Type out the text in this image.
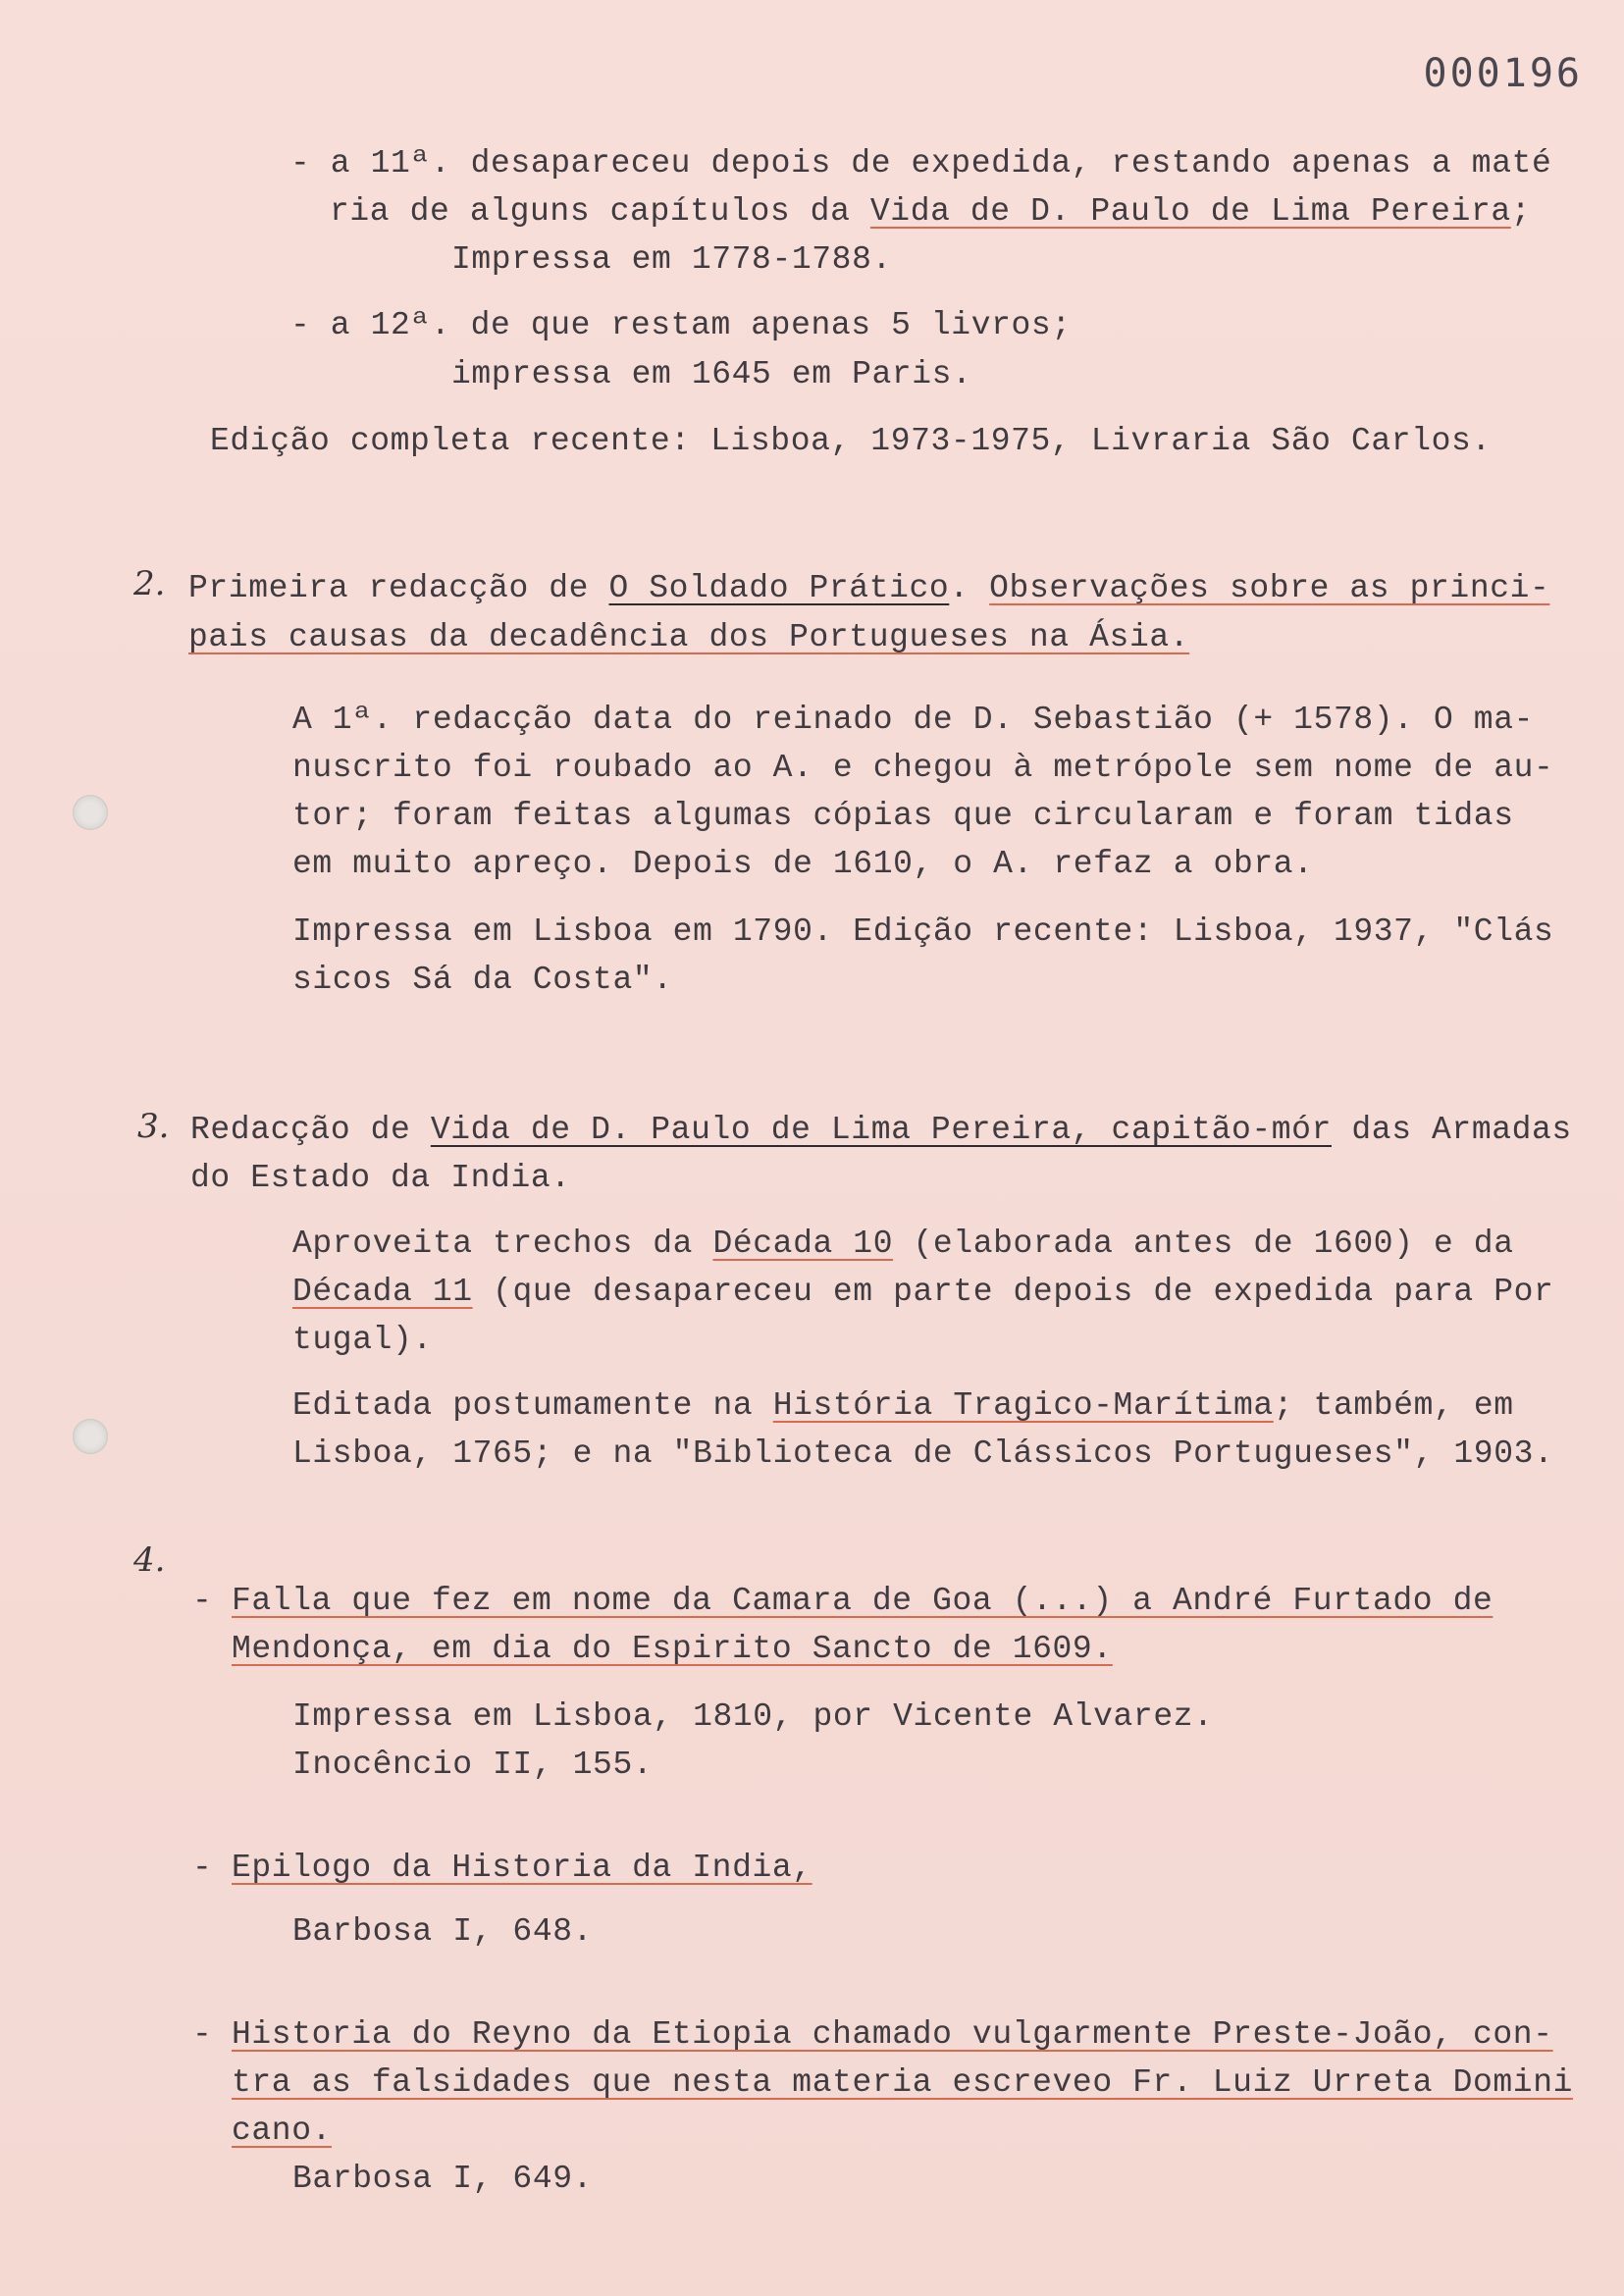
000196
- a 11ª. desapareceu depois de expedida, restando apenas a maté
ria de alguns capítulos da Vida de D. Paulo de Lima Pereira;
Impressa em 1778-1788.
- a 12ª. de que restam apenas 5 livros;
impressa em 1645 em Paris.
Edição completa recente: Lisboa, 1973-1975, Livraria São Carlos.
2. Primeira redacção de O Soldado Prático. Observações sobre as princi-
pais causas da decadência dos Portugueses na Ásia.
A 1ª. redacção data do reinado de D. Sebastião (+ 1578). O ma-
nuscrito foi roubado ao A. e chegou à metrópole sem nome de au-
tor; foram feitas algumas cópias que circularam e foram tidas
em muito apreço. Depois de 1610, o A. refaz a obra.
Impressa em Lisboa em 1790. Edição recente: Lisboa, 1937, "Clás
sicos Sá da Costa".
3. Redacção de Vida de D. Paulo de Lima Pereira, capitão-mór das Armadas
do Estado da India.
Aproveita trechos da Década 10 (elaborada antes de 1600) e da
Década 11 (que desapareceu em parte depois de expedida para Por
tugal).
Editada postumamente na História Tragico-Marítima; também, em
Lisboa, 1765; e na "Biblioteca de Clássicos Portugueses", 1903.
4.
- Falla que fez em nome da Camara de Goa (...) a André Furtado de
Mendonça, em dia do Espirito Sancto de 1609.
Impressa em Lisboa, 1810, por Vicente Alvarez.
Inocêncio II, 155.
- Epilogo da Historia da India,
Barbosa I, 648.
- Historia do Reyno da Etiopia chamado vulgarmente Preste-João, con-
tra as falsidades que nesta materia escreveo Fr. Luiz Urreta Domini
cano.
Barbosa I, 649.
